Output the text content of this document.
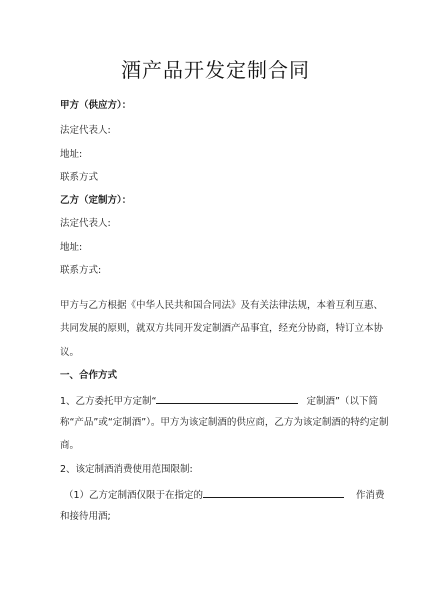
酒产品开发定制合同
甲方（供应方）：
法定代表人:
地址:
联系方式
乙方（定制方）：
法定代表人:
地址:
联系方式:
甲方与乙方根据《中华人民共和国合同法》及有关法律法规，本着互利互惠、
共同发展的原则，就双方共同开发定制酒产品事宜，经充分协商，特订立本协
议。
一、合作方式
1、乙方委托甲方定制“	定制酒”（以下简
称“产品”或“定制酒”）。甲方为该定制酒的供应商，乙方为该定制酒的特约定制
商。
2、该定制酒消费使用范围限制:
（1）乙方定制酒仅限于在指定的	作消费
和接待用酒;
